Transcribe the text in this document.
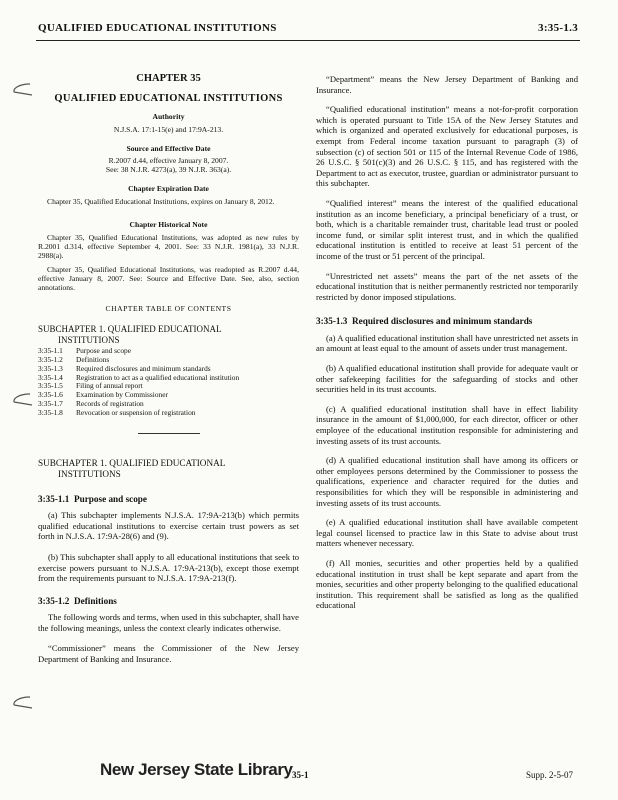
QUALIFIED EDUCATIONAL INSTITUTIONS	3:35-1.3
CHAPTER 35
QUALIFIED EDUCATIONAL INSTITUTIONS
Authority
N.J.S.A. 17:1-15(e) and 17:9A-213.
Source and Effective Date
R.2007 d.44, effective January 8, 2007.
See: 38 N.J.R. 4273(a), 39 N.J.R. 363(a).
Chapter Expiration Date
Chapter 35, Qualified Educational Institutions, expires on January 8, 2012.
Chapter Historical Note
Chapter 35, Qualified Educational Institutions, was adopted as new rules by R.2001 d.314, effective September 4, 2001. See: 33 N.J.R. 1981(a), 33 N.J.R. 2988(a).
Chapter 35, Qualified Educational Institutions, was readopted as R.2007 d.44, effective January 8, 2007. See: Source and Effective Date. See, also, section annotations.
CHAPTER TABLE OF CONTENTS
SUBCHAPTER 1. QUALIFIED EDUCATIONAL
INSTITUTIONS
3:35-1.1	Purpose and scope
3:35-1.2	Definitions
3:35-1.3	Required disclosures and minimum standards
3:35-1.4	Registration to act as a qualified educational institution
3:35-1.5	Filing of annual report
3:35-1.6	Examination by Commissioner
3:35-1.7	Records of registration
3:35-1.8	Revocation or suspension of registration
SUBCHAPTER 1. QUALIFIED EDUCATIONAL
INSTITUTIONS
3:35-1.1 Purpose and scope

(a) This subchapter implements N.J.S.A. 17:9A-213(b) which permits qualified educational institutions to exercise certain trust powers as set forth in N.J.S.A. 17:9A-28(6) and (9).

(b) This subchapter shall apply to all educational institutions that seek to exercise powers pursuant to N.J.S.A. 17:9A-213(b), except those exempt from the requirements pursuant to N.J.S.A. 17:9A-213(f).

3:35-1.2 Definitions

The following words and terms, when used in this subchapter, shall have the following meanings, unless the context clearly indicates otherwise.

“Commissioner” means the Commissioner of the New Jersey Department of Banking and Insurance.

“Department” means the New Jersey Department of Banking and Insurance.

“Qualified educational institution” means a not-for-profit corporation which is operated pursuant to Title 15A of the New Jersey Statutes and which is organized and operated exclusively for educational purposes, is exempt from Federal income taxation pursuant to paragraph (3) of subsection (c) of section 501 or 115 of the Internal Revenue Code of 1986, 26 U.S.C. § 501(c)(3) and 26 U.S.C. § 115, and has registered with the Department to act as executor, trustee, guardian or administrator pursuant to this subchapter.

“Qualified interest” means the interest of the qualified educational institution as an income beneficiary, a principal beneficiary of a trust, or both, which is a charitable remainder trust, charitable lead trust or pooled income fund, or similar split interest trust, and in which the qualified educational institution is entitled to receive at least 51 percent of the income of the trust or 51 percent of the principal.

“Unrestricted net assets” means the part of the net assets of the educational institution that is neither permanently restricted nor temporarily restricted by donor imposed stipulations.

3:35-1.3 Required disclosures and minimum standards

(a) A qualified educational institution shall have unrestricted net assets in an amount at least equal to the amount of assets under trust management.

(b) A qualified educational institution shall provide for adequate vault or other safekeeping facilities for the safeguarding of stocks and other securities held in its trust accounts.

(c) A qualified educational institution shall have in effect liability insurance in the amount of $1,000,000, for each director, officer or other employee of the educational institution responsible for administering and investing assets of its trust accounts.

(d) A qualified educational institution shall have among its officers or other employees persons determined by the Commissioner to possess the qualifications, experience and character required for the duties and responsibilities for which they will be responsible in administering and investing assets of its trust accounts.

(e) A qualified educational institution shall have available competent legal counsel licensed to practice law in this State to advise about trust matters whenever necessary.

(f) All monies, securities and other properties held by a qualified educational institution in trust shall be kept separate and apart from the monies, securities and other property belonging to the qualified educational institution. This requirement shall be satisfied as long as the qualified educational

New Jersey State Library 35-1	Supp. 2-5-07
